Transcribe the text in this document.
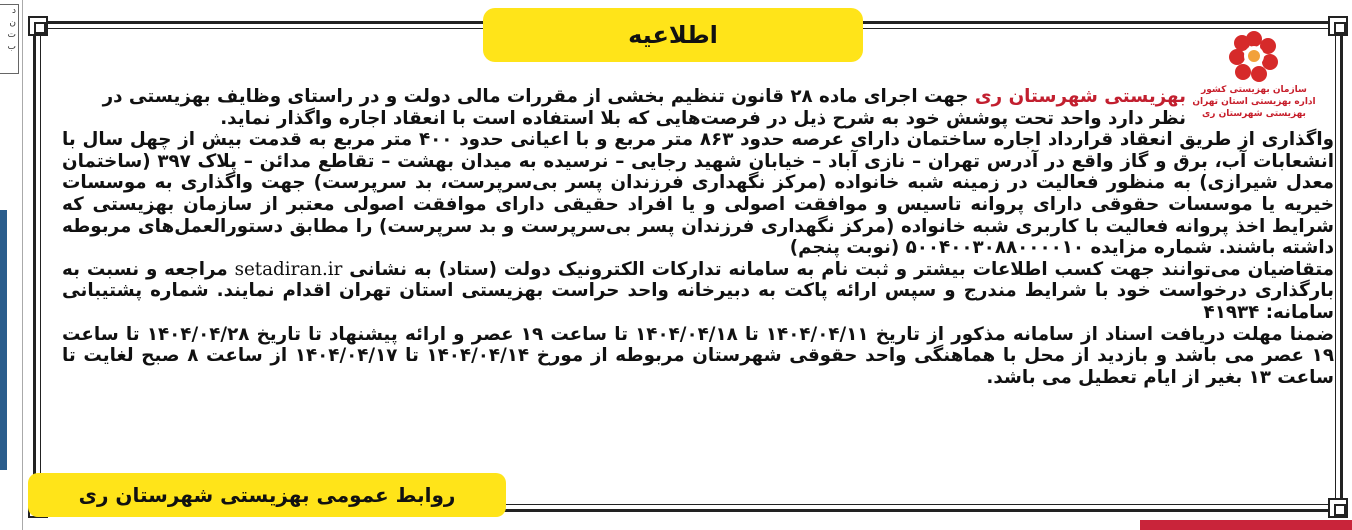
د
ن
ت
ب	اطلاعیه
سازمان بهزیستی کشور
اداره بهزیستی استان تهران
بهزیستی شهرستان ری

بهزیستی شهرستان ری جهت اجرای ماده ۲۸ قانون تنظیم بخشی از مقررات مالی دولت و در راستای وظایف بهزیستی در

نظر دارد واحد تحت پوشش خود به شرح ذیل در فرصت‌هایی که بلا استفاده است با انعقاد اجاره واگذار نماید.

واگذاری از طریق انعقاد قرارداد اجاره ساختمان دارای عرصه حدود ۸۶۳ متر مربع و با اعیانی حدود ۴۰۰ متر مربع به قدمت بیش از چهل سال با انشعابات آب، برق و گاز واقع در آدرس تهران – نازی آباد – خیابان شهید رجایی – نرسیده به میدان بهشت – تقاطع مدائن – پلاک ۳۹۷ (ساختمان معدل شیرازی) به منظور فعالیت در زمینه شبه خانواده (مرکز نگهداری فرزندان پسر بی‌سرپرست، بد سرپرست) جهت واگذاری به موسسات خیریه یا موسسات حقوقی دارای پروانه تاسیس و موافقت اصولی و یا افراد حقیقی دارای موافقت اصولی معتبر از سازمان بهزیستی که شرایط اخذ پروانه فعالیت با کاربری شبه خانواده (مرکز نگهداری فرزندان پسر بی‌سرپرست و بد سرپرست) را مطابق دستورالعمل‌های مربوطه داشته باشند. شماره مزایده ۵۰۰۴۰۰۳۰۸۸۰۰۰۰۱۰ (نوبت پنجم)

متقاضیان می‌توانند جهت کسب اطلاعات بیشتر و ثبت نام به سامانه تدارکات الکترونیک دولت (ستاد) به نشانی setadiran.ir مراجعه و نسبت به بارگذاری درخواست خود با شرایط مندرج و سپس ارائه پاکت به دبیرخانه واحد حراست بهزیستی استان تهران اقدام نمایند. شماره پشتیبانی سامانه: ۴۱۹۳۴

ضمنا مهلت دریافت اسناد از سامانه مذکور از تاریخ ۱۴۰۴/۰۴/۱۱ تا ۱۴۰۴/۰۴/۱۸ تا ساعت ۱۹ عصر و ارائه پیشنهاد تا تاریخ ۱۴۰۴/۰۴/۲۸ تا ساعت ۱۹ عصر می باشد و بازدید از محل با هماهنگی واحد حقوقی شهرستان مربوطه از مورخ ۱۴۰۴/۰۴/۱۴ تا ۱۴۰۴/۰۴/۱۷ از ساعت ۸ صبح لغایت تا ساعت ۱۳ بغیر از ایام تعطیل می باشد.

روابط عمومی بهزیستی شهرستان ری
